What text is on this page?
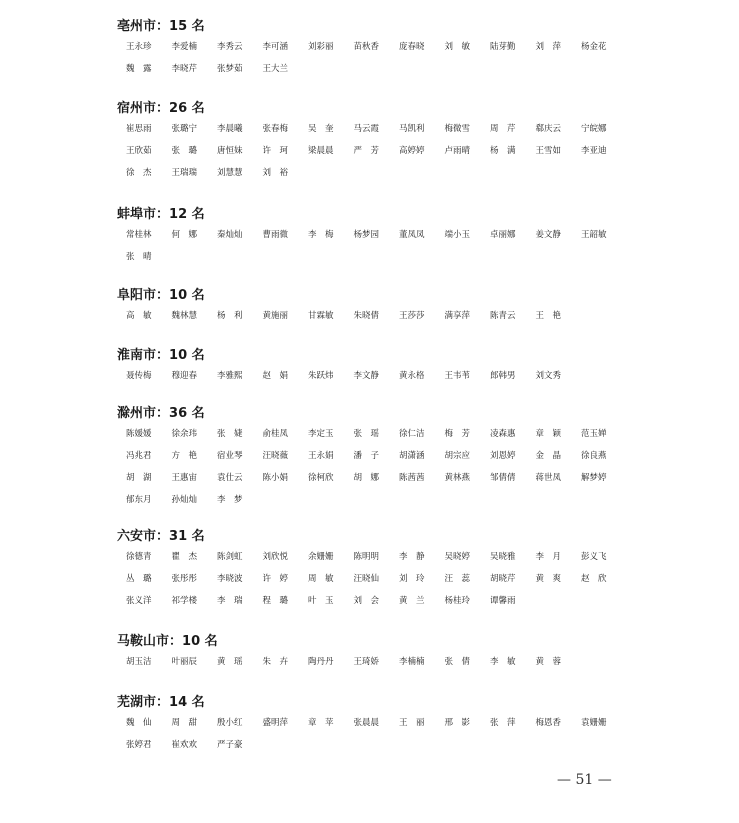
亳州市：15 名
王永珍	李爱楠	李秀云	李可涵	刘彩丽	苗秋香	庞春晓	刘　敏	陆芽勤	刘　萍	杨金花
魏　露	李晓芹	张梦茹	王大兰
宿州市：26 名
崔思雨	张璐宁	李晨曦	张春梅	吴　奎	马云霞	马凯利	梅微雪	周　芹	郗庆云	宁皖娜
王欣茹	张　璐	唐恒妹	许　珂	梁晨晨	严　芳	高婷婷	卢雨晴	杨　满	王雪如	李亚迪
徐　杰	王瑞瑞	刘慧慧	刘　裕
蚌埠市：12 名
常桂林	何　娜	秦灿灿	曹雨微	李　梅	杨梦园	董凤凤	端小玉	卓丽娜	姜文静	王韶敏
张　晴
阜阳市：10 名
高　敏	魏林慧	杨　利	黄施丽	甘霖敏	朱晓倩	王莎莎	满享萍	陈青云	王　艳
淮南市：10 名
聂传梅	穆迎春	李雅熙	赵　娟	朱跃炜	李文静	黄永格	王韦苇	郎韩男	刘文秀
滁州市：36 名
陈媛媛	徐余玮	张　婕	俞桂凤	李定玉	张　瑶	徐仁洁	梅　芳	凌森惠	章　颖	范玉婵
冯兆君	方　艳	宿业琴	汪晓薇	王永娟	潘　子	胡潇涵	胡宗应	刘恩婷	金　晶	徐良燕
胡　湖	王惠宙	袁仕云	陈小娟	徐柯欣	胡　娜	陈茜茜	黄林燕	邹倩倩	蒋世凤	解梦婷
郁东月	孙灿灿	李　梦
六安市：31 名
徐德青	瞿　杰	陈剑虹	刘欣悦	余姗姗	陈明明	李　静	吴晓婷	吴晓雅	李　月	彭义飞
丛　璐	张彤彤	李晓波	许　婷	周　敏	汪晓仙	刘　玲	汪　蕊	胡晓芹	黄　爽	赵　欣
张义洋	祁学楼	李　瑞	程　璐	叶　玉	刘　会	黄　兰	杨桂玲	谭馨雨
马鞍山市：10 名
胡玉洁	叶丽辰	黄　瑶	朱　卉	陶丹丹	王琦娇	李楠楠	张　倩	李　敏	黄　蓉
芜湖市：14 名
魏　仙	周　甜	殷小红	盛明萍	章　苹	张晨晨	王　丽	邢　影	张　萍	梅恩香	袁姗姗
张婷君	崔欢欢	严子豪
— 51 —
